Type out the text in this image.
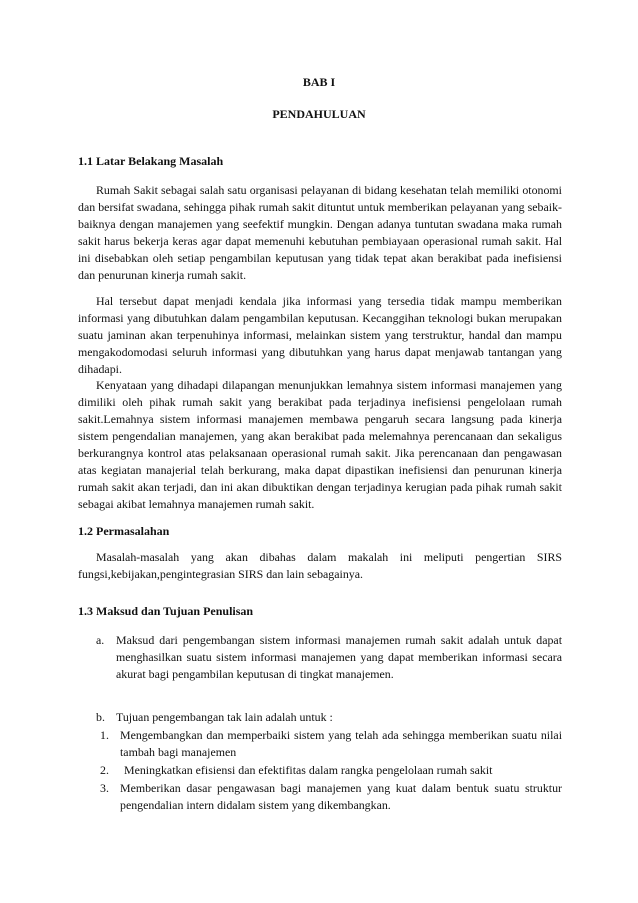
BAB I
PENDAHULUAN
1.1 Latar Belakang Masalah

Rumah Sakit sebagai salah satu organisasi pelayanan di bidang kesehatan telah memiliki otonomi dan bersifat swadana, sehingga pihak rumah sakit dituntut untuk memberikan pelayanan yang sebaik-baiknya dengan manajemen yang seefektif mungkin. Dengan adanya tuntutan swadana maka rumah sakit harus bekerja keras agar dapat memenuhi kebutuhan pembiayaan operasional rumah sakit. Hal ini disebabkan oleh setiap pengambilan keputusan yang tidak tepat akan berakibat pada inefisiensi dan penurunan kinerja rumah sakit.

Hal tersebut dapat menjadi kendala jika informasi yang tersedia tidak mampu memberikan informasi yang dibutuhkan dalam pengambilan keputusan. Kecanggihan teknologi bukan merupakan suatu jaminan akan terpenuhinya informasi, melainkan sistem yang terstruktur, handal dan mampu mengakodomodasi seluruh informasi yang dibutuhkan yang harus dapat menjawab tantangan yang dihadapi.

Kenyataan yang dihadapi dilapangan menunjukkan lemahnya sistem informasi manajemen yang dimiliki oleh pihak rumah sakit yang berakibat pada terjadinya inefisiensi pengelolaan rumah sakit.Lemahnya sistem informasi manajemen membawa pengaruh secara langsung pada kinerja sistem pengendalian manajemen, yang akan berakibat pada melemahnya perencanaan dan sekaligus berkurangnya kontrol atas pelaksanaan operasional rumah sakit. Jika perencanaan dan pengawasan atas kegiatan manajerial telah berkurang, maka dapat dipastikan inefisiensi dan penurunan kinerja rumah sakit akan terjadi, dan ini akan dibuktikan dengan terjadinya kerugian pada pihak rumah sakit sebagai akibat lemahnya manajemen rumah sakit.

1.2 Permasalahan

Masalah-masalah yang akan dibahas dalam makalah ini meliputi pengertian SIRS fungsi,kebijakan,pengintegrasian SIRS dan lain sebagainya.

1.3 Maksud dan Tujuan Penulisan
a. Maksud dari pengembangan sistem informasi manajemen rumah sakit adalah untuk dapat menghasilkan suatu sistem informasi manajemen yang dapat memberikan informasi secara akurat bagi pengambilan keputusan di tingkat manajemen.

b. Tujuan pengembangan tak lain adalah untuk :

1. Mengembangkan dan memperbaiki sistem yang telah ada sehingga memberikan suatu nilai tambah bagi manajemen

2. Meningkatkan efisiensi dan efektifitas dalam rangka pengelolaan rumah sakit

3. Memberikan dasar pengawasan bagi manajemen yang kuat dalam bentuk suatu struktur pengendalian intern didalam sistem yang dikembangkan.
